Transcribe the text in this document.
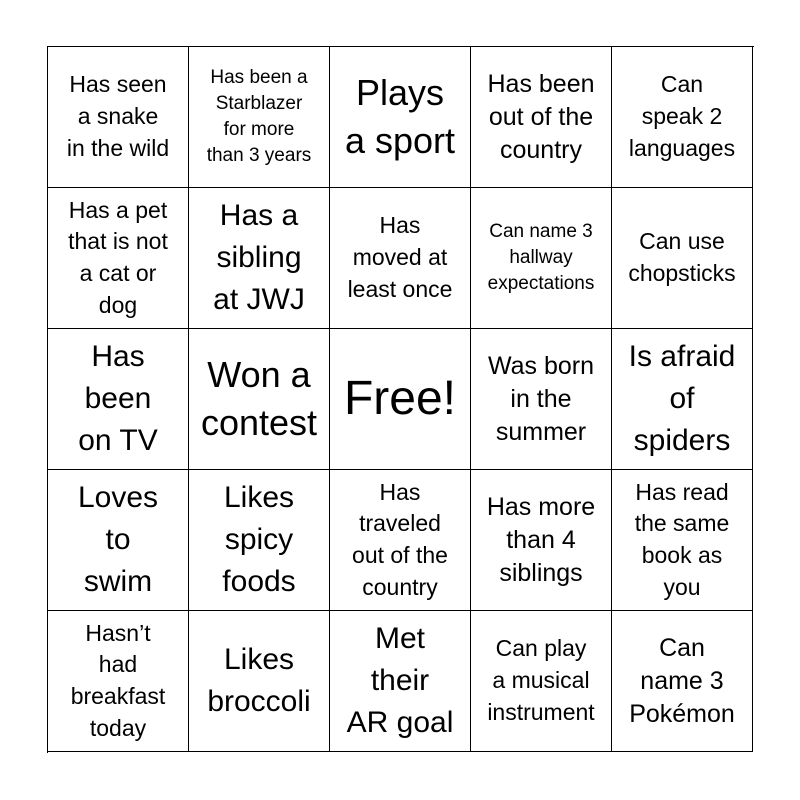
Has seen
a snake
in the wild
Has been a
Starblazer
for more
than 3 years
Plays
a sport
Has been
out of the
country
Can
speak 2
languages
Has a pet
that is not
a cat or
dog
Has a
sibling
at JWJ
Has
moved at
least once
Can name 3
hallway
expectations
Can use
chopsticks
Has
been
on TV
Won a
contest Free!
Was born
in the
summer
Is afraid
of
spiders
Loves
to
swim
Likes
spicy
foods
Has
traveled
out of the
country
Has more
than 4
siblings
Has read
the same
book as
you
Hasn’t
had
breakfast
today
Likes
broccoli
Met
their
AR goal
Can play
a musical
instrument
Can
name 3
Pokémon
